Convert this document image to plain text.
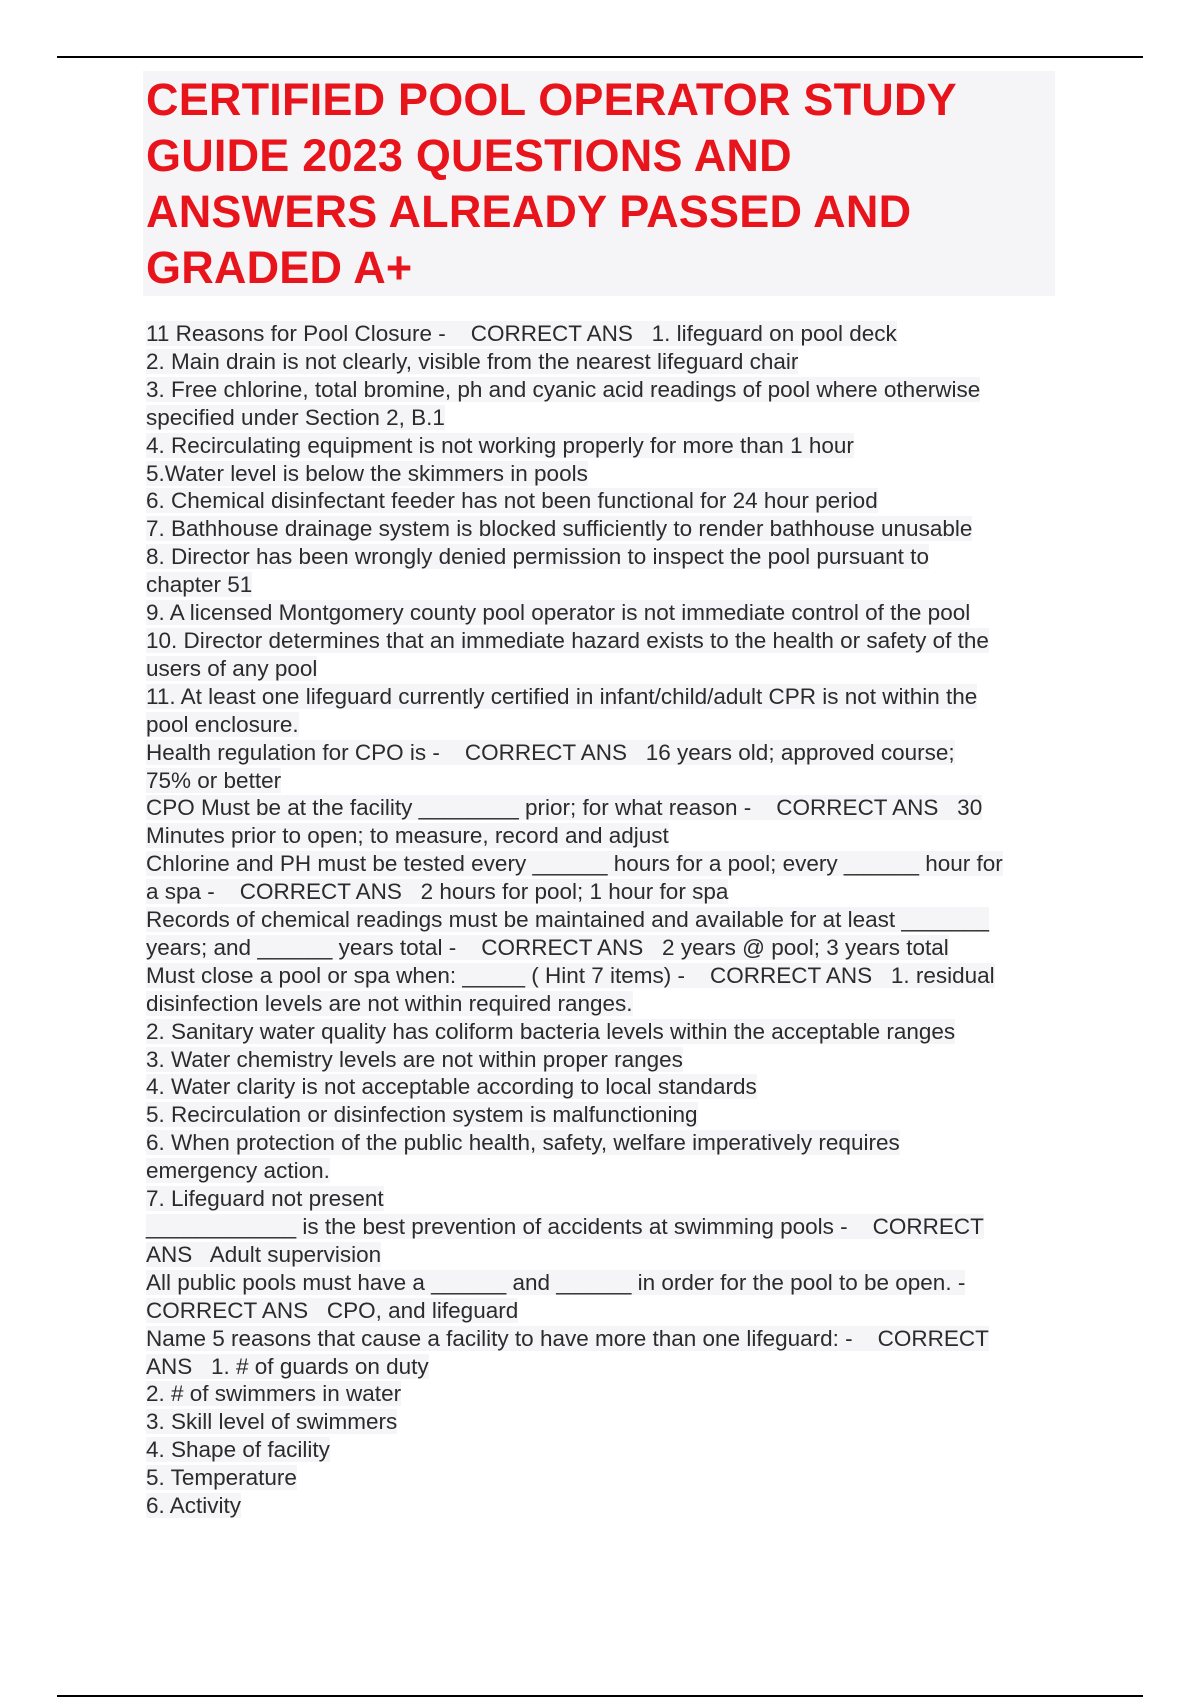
CERTIFIED POOL OPERATOR STUDY
GUIDE 2023 QUESTIONS AND
ANSWERS ALREADY PASSED AND
GRADED A+
11 Reasons for Pool Closure -    CORRECT ANS   1. lifeguard on pool deck
2. Main drain is not clearly, visible from the nearest lifeguard chair
3. Free chlorine, total bromine, ph and cyanic acid readings of pool where otherwise
specified under Section 2, B.1
4. Recirculating equipment is not working properly for more than 1 hour
5.Water level is below the skimmers in pools
6. Chemical disinfectant feeder has not been functional for 24 hour period
7. Bathhouse drainage system is blocked sufficiently to render bathhouse unusable
8. Director has been wrongly denied permission to inspect the pool pursuant to
chapter 51
9. A licensed Montgomery county pool operator is not immediate control of the pool
10. Director determines that an immediate hazard exists to the health or safety of the
users of any pool
11. At least one lifeguard currently certified in infant/child/adult CPR is not within the
pool enclosure.
Health regulation for CPO is -    CORRECT ANS   16 years old; approved course;
75% or better
CPO Must be at the facility ________ prior; for what reason -    CORRECT ANS   30
Minutes prior to open; to measure, record and adjust
Chlorine and PH must be tested every ______ hours for a pool; every ______ hour for
a spa -    CORRECT ANS   2 hours for pool; 1 hour for spa
Records of chemical readings must be maintained and available for at least _______
years; and ______ years total -    CORRECT ANS   2 years @ pool; 3 years total
Must close a pool or spa when: _____ ( Hint 7 items) -    CORRECT ANS   1. residual
disinfection levels are not within required ranges.
2. Sanitary water quality has coliform bacteria levels within the acceptable ranges
3. Water chemistry levels are not within proper ranges
4. Water clarity is not acceptable according to local standards
5. Recirculation or disinfection system is malfunctioning
6. When protection of the public health, safety, welfare imperatively requires
emergency action.
7. Lifeguard not present
____________ is the best prevention of accidents at swimming pools -    CORRECT
ANS   Adult supervision
All public pools must have a ______ and ______ in order for the pool to be open. -
CORRECT ANS   CPO, and lifeguard
Name 5 reasons that cause a facility to have more than one lifeguard: -    CORRECT
ANS   1. # of guards on duty
2. # of swimmers in water
3. Skill level of swimmers
4. Shape of facility
5. Temperature
6. Activity
